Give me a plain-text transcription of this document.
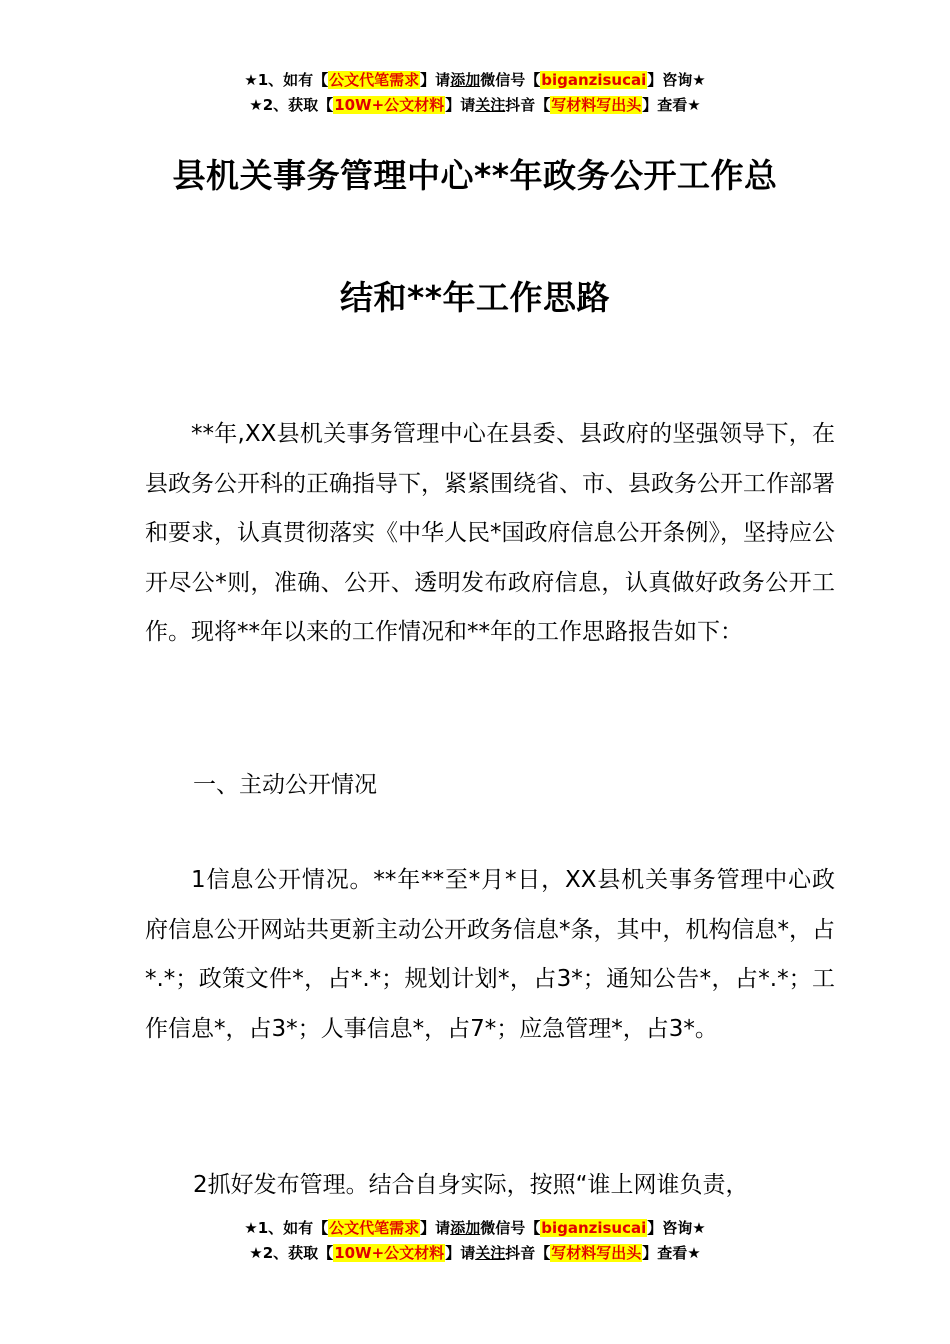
★1、如有【公文代笔需求】请添加微信号【biganzisucai】咨询★
★2、获取【10W+公文材料】请关注抖音【写材料写出头】查看★
县机关事务管理中心**年政务公开工作总
结和**年工作思路
**年,XX县机关事务管理中心在县委、县政府的坚强领导下，在县政务公开科的正确指导下，紧紧围绕省、市、县政务公开工作部署和要求，认真贯彻落实《中华人民*国政府信息公开条例》，坚持应公开尽公*则，准确、公开、透明发布政府信息，认真做好政务公开工作。现将**年以来的工作情况和**年的工作思路报告如下：
一、主动公开情况
1信息公开情况。**年**至*月*日，XX县机关事务管理中心政府信息公开网站共更新主动公开政务信息*条，其中，机构信息*，占*.*；政策文件*，占*.*；规划计划*，占3*；通知公告*，占*.*；工作信息*，占3*；人事信息*，占7*；应急管理*，占3*。
2抓好发布管理。结合自身实际，按照“谁上网谁负责，
★1、如有【公文代笔需求】请添加微信号【biganzisucai】咨询★
★2、获取【10W+公文材料】请关注抖音【写材料写出头】查看★
